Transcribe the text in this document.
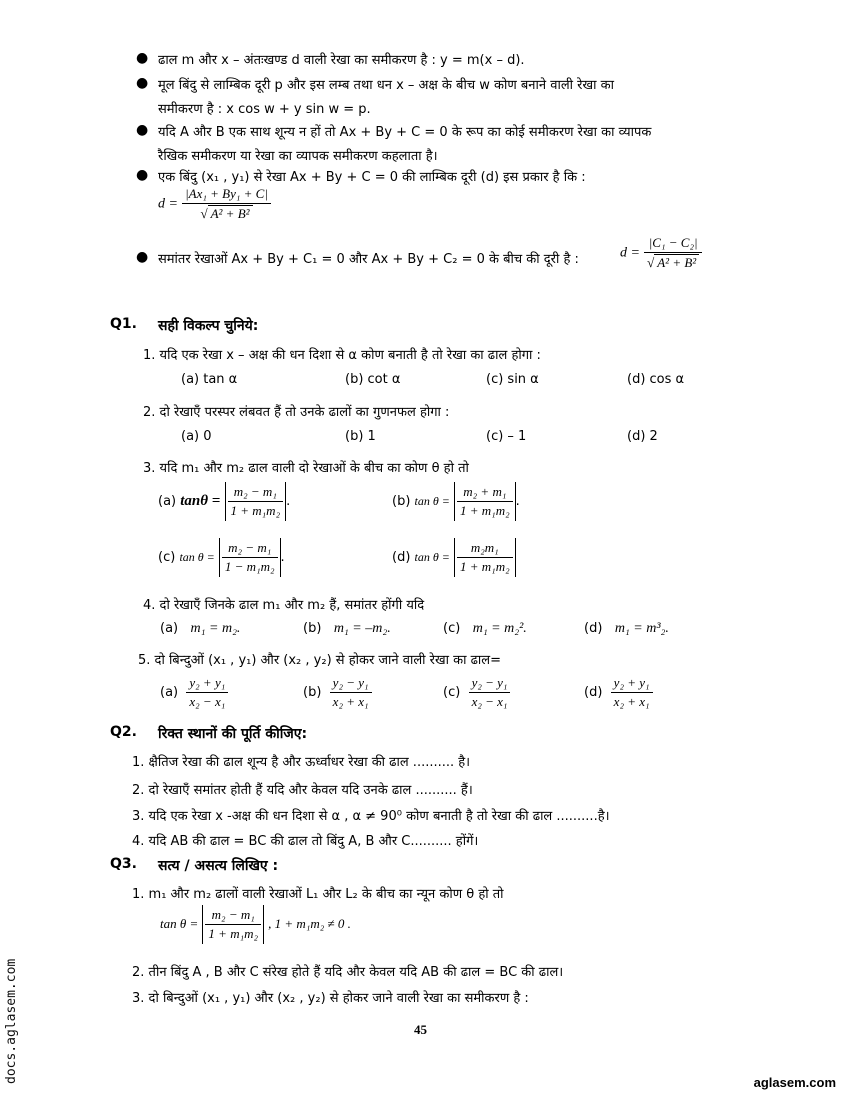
● ढाल m और x – अंतःखण्ड d वाली रेखा का समीकरण है : y = m(x – d).
● मूल बिंदु से लाम्बिक दूरी p और इस लम्ब तथा धन x – अक्ष के बीच w कोण बनाने वाली रेखा का
समीकरण है : x cos w + y sin w = p.
● यदि A और B एक साथ शून्य न हों तो Ax + By + C = 0 के रूप का कोई समीकरण रेखा का व्यापक
रैखिक समीकरण या रेखा का व्यापक समीकरण कहलाता है।
● एक बिंदु (x₁ , y₁) से रेखा Ax + By + C = 0 की लाम्बिक दूरी (d) इस प्रकार है कि :
$d = \frac{\text{|Ax₁ + By₁ + C|}}{\text{√ A² + B²}}$
● समांतर रेखाओं Ax + By + C₁ = 0 और Ax + By + C₂ = 0 के बीच की दूरी है :	$d = \frac{\text{|C₁ − C₂|}}{\text{√ A² + B²}}$
Q1. सही विकल्प चुनिये:
1. यदि एक रेखा x – अक्ष की धन दिशा से α कोण बनाती है तो रेखा का ढाल होगा :
(a) tan α	(b) cot α	(c) sin α	(d) cos α
2. दो रेखाएँ परस्पर लंबवत हैं तो उनके ढालों का गुणनफल होगा :
(a) 0	(b) 1	(c) – 1	(d) 2
3. यदि m₁ और m₂ ढाल वाली दो रेखाओं के बीच का कोण θ हो तो
(a) $\tan\theta = \frac{\text{m₂ − m₁}}{\text{1 + m₁m₂}}$ .	(b) $\tan \theta = \frac{\text{m₂ + m₁}}{\text{1 + m₁m₂}}$ .
(c) $\tan \theta = \frac{\text{m₂ − m₁}}{\text{1 − m₁m₂}}$ .	(d) $\tan \theta = \frac{\text{m₂m₁}}{\text{1 + m₁m₂}}$
4. दो रेखाएँ जिनके ढाल m₁ और m₂ हैं, समांतर होंगी यदि
(a) m₁ = m₂.	(b) m₁ = –m₂.	(c) m₁ = m₂².	(d) m₁ = m³₂.
5. दो बिन्दुओं (x₁ , y₁) और (x₂ , y₂) से होकर जाने वाली रेखा का ढाल=
$(a) \frac{\text{y₂ + y₁}}{\text{x₂ − x₁}}$	$(b) \frac{\text{y₂ − y₁}}{\text{x₂ + x₁}}$	$(c) \frac{\text{y₂ − y₁}}{\text{x₂ − x₁}}$	$(d) \frac{\text{y₂ + y₁}}{\text{x₂ + x₁}}$
Q2. रिक्त स्थानों की पूर्ति कीजिए:
1. क्षैतिज रेखा की ढाल शून्य है और ऊर्ध्वाधर रेखा की ढाल .......... है।
2. दो रेखाएँ समांतर होती हैं यदि और केवल यदि उनके ढाल .......... हैं।
3. यदि एक रेखा x -अक्ष की धन दिशा से α , α ≠ 90⁰ कोण बनाती है तो रेखा की ढाल ..........है।
4. यदि AB की ढाल = BC की ढाल तो बिंदु A, B और C.......... होंगें।
Q3. सत्य / असत्य लिखिए :
1. m₁ और m₂ ढालों वाली रेखाओं L₁ और L₂ के बीच का न्यून कोण θ हो तो
$\tan \theta = \frac{\text{m₂ − m₁}}{\text{1 + m₁m₂}}$ , 1 + m₁m₂ ≠ 0 .
2. तीन बिंदु A , B और C संरेख होते हैं यदि और केवल यदि AB की ढाल = BC की ढाल।
3. दो बिन्दुओं (x₁ , y₁) और (x₂ , y₂) से होकर जाने वाली रेखा का समीकरण है :
45
docs.aglasem.com	aglasem.com
